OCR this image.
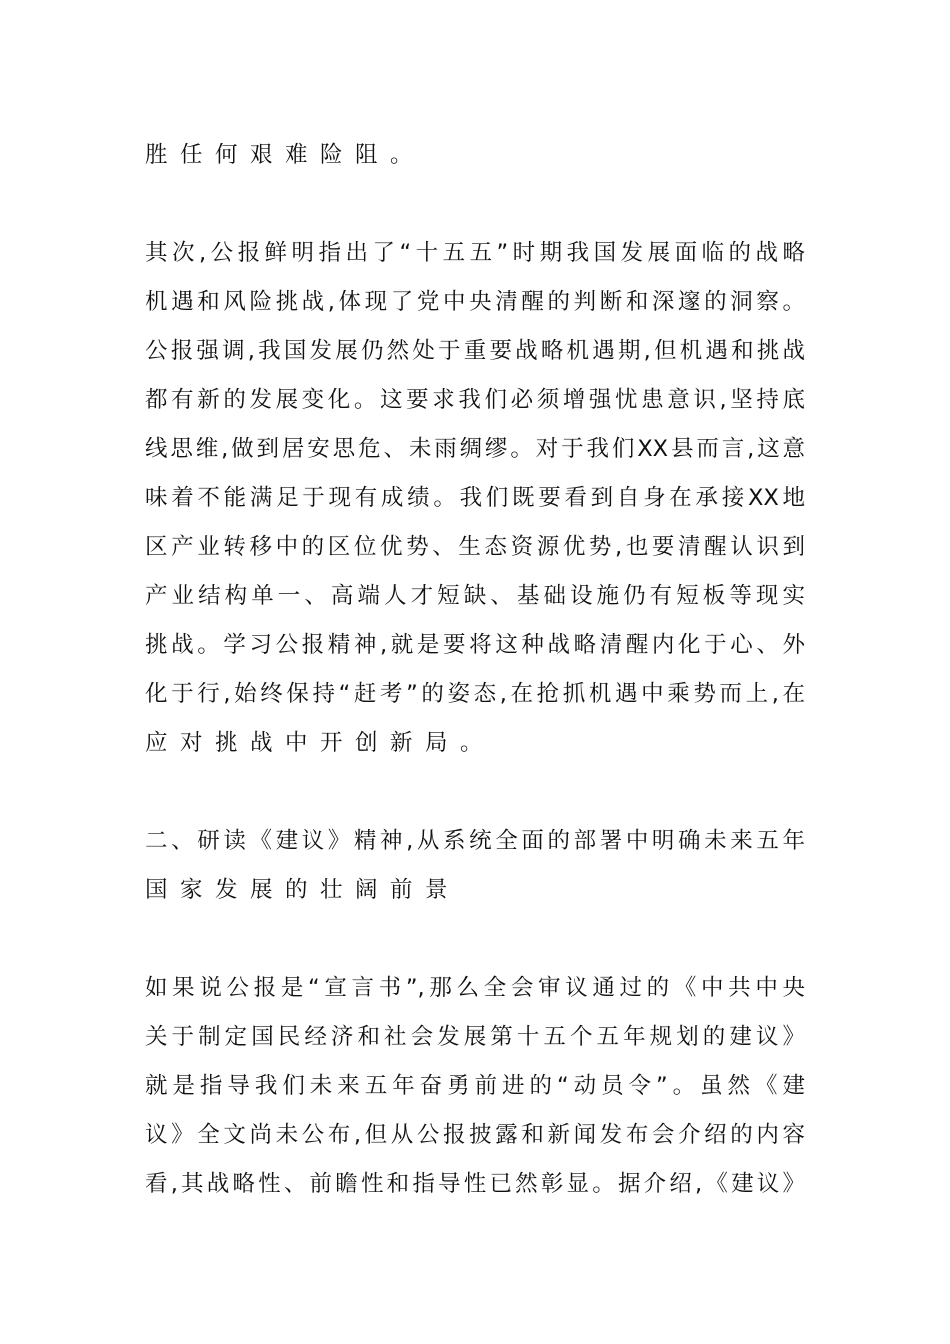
胜任何艰难险阻。
其次,公报鲜明指出了“十五五”时期我国发展面临的战略
机遇和风险挑战,体现了党中央清醒的判断和深邃的洞察。
公报强调,我国发展仍然处于重要战略机遇期,但机遇和挑战
都有新的发展变化。这要求我们必须增强忧患意识,坚持底
线思维,做到居安思危、未雨绸缪。对于我们XX县而言,这意
味着不能满足于现有成绩。我们既要看到自身在承接XX地
区产业转移中的区位优势、生态资源优势,也要清醒认识到
产业结构单一、高端人才短缺、基础设施仍有短板等现实
挑战。学习公报精神,就是要将这种战略清醒内化于心、外
化于行,始终保持“赶考”的姿态,在抢抓机遇中乘势而上,在
应对挑战中开创新局。
二、研读《建议》精神,从系统全面的部署中明确未来五年
国家发展的壮阔前景
如果说公报是“宣言书”,那么全会审议通过的《中共中央
关于制定国民经济和社会发展第十五个五年规划的建议》
就是指导我们未来五年奋勇前进的“动员令”。虽然《建
议》全文尚未公布,但从公报披露和新闻发布会介绍的内容
看,其战略性、前瞻性和指导性已然彰显。据介绍,《建议》
